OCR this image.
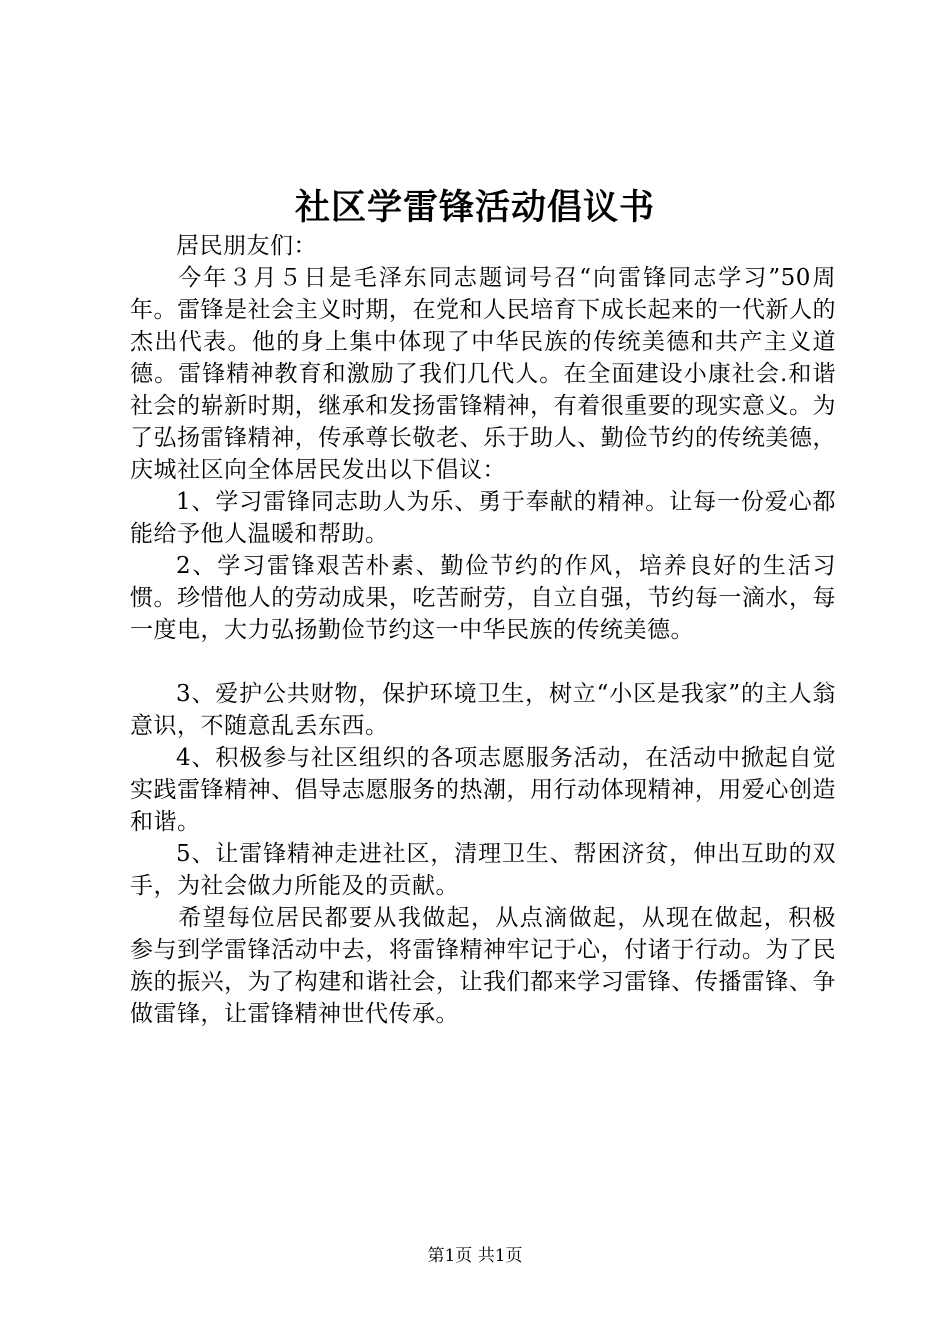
社区学雷锋活动倡议书

居民朋友们：

今年３月５日是毛泽东同志题词号召“向雷锋同志学习”50周年。雷锋是社会主义时期，在党和人民培育下成长起来的一代新人的杰出代表。他的身上集中体现了中华民族的传统美德和共产主义道德。雷锋精神教育和激励了我们几代人。在全面建设小康社会.和谐社会的崭新时期，继承和发扬雷锋精神，有着很重要的现实意义。为了弘扬雷锋精神，传承尊长敬老、乐于助人、勤俭节约的传统美德，庆城社区向全体居民发出以下倡议：

1、学习雷锋同志助人为乐、勇于奉献的精神。让每一份爱心都能给予他人温暖和帮助。

2、学习雷锋艰苦朴素、勤俭节约的作风，培养良好的生活习惯。珍惜他人的劳动成果，吃苦耐劳，自立自强，节约每一滴水，每一度电，大力弘扬勤俭节约这一中华民族的传统美德。

3、爱护公共财物，保护环境卫生，树立“小区是我家”的主人翁意识，不随意乱丢东西。

4、积极参与社区组织的各项志愿服务活动，在活动中掀起自觉实践雷锋精神、倡导志愿服务的热潮，用行动体现精神，用爱心创造和谐。

5、让雷锋精神走进社区，清理卫生、帮困济贫，伸出互助的双手，为社会做力所能及的贡献。

希望每位居民都要从我做起，从点滴做起，从现在做起，积极参与到学雷锋活动中去，将雷锋精神牢记于心，付诸于行动。为了民族的振兴，为了构建和谐社会，让我们都来学习雷锋、传播雷锋、争做雷锋，让雷锋精神世代传承。

第1页 共1页
